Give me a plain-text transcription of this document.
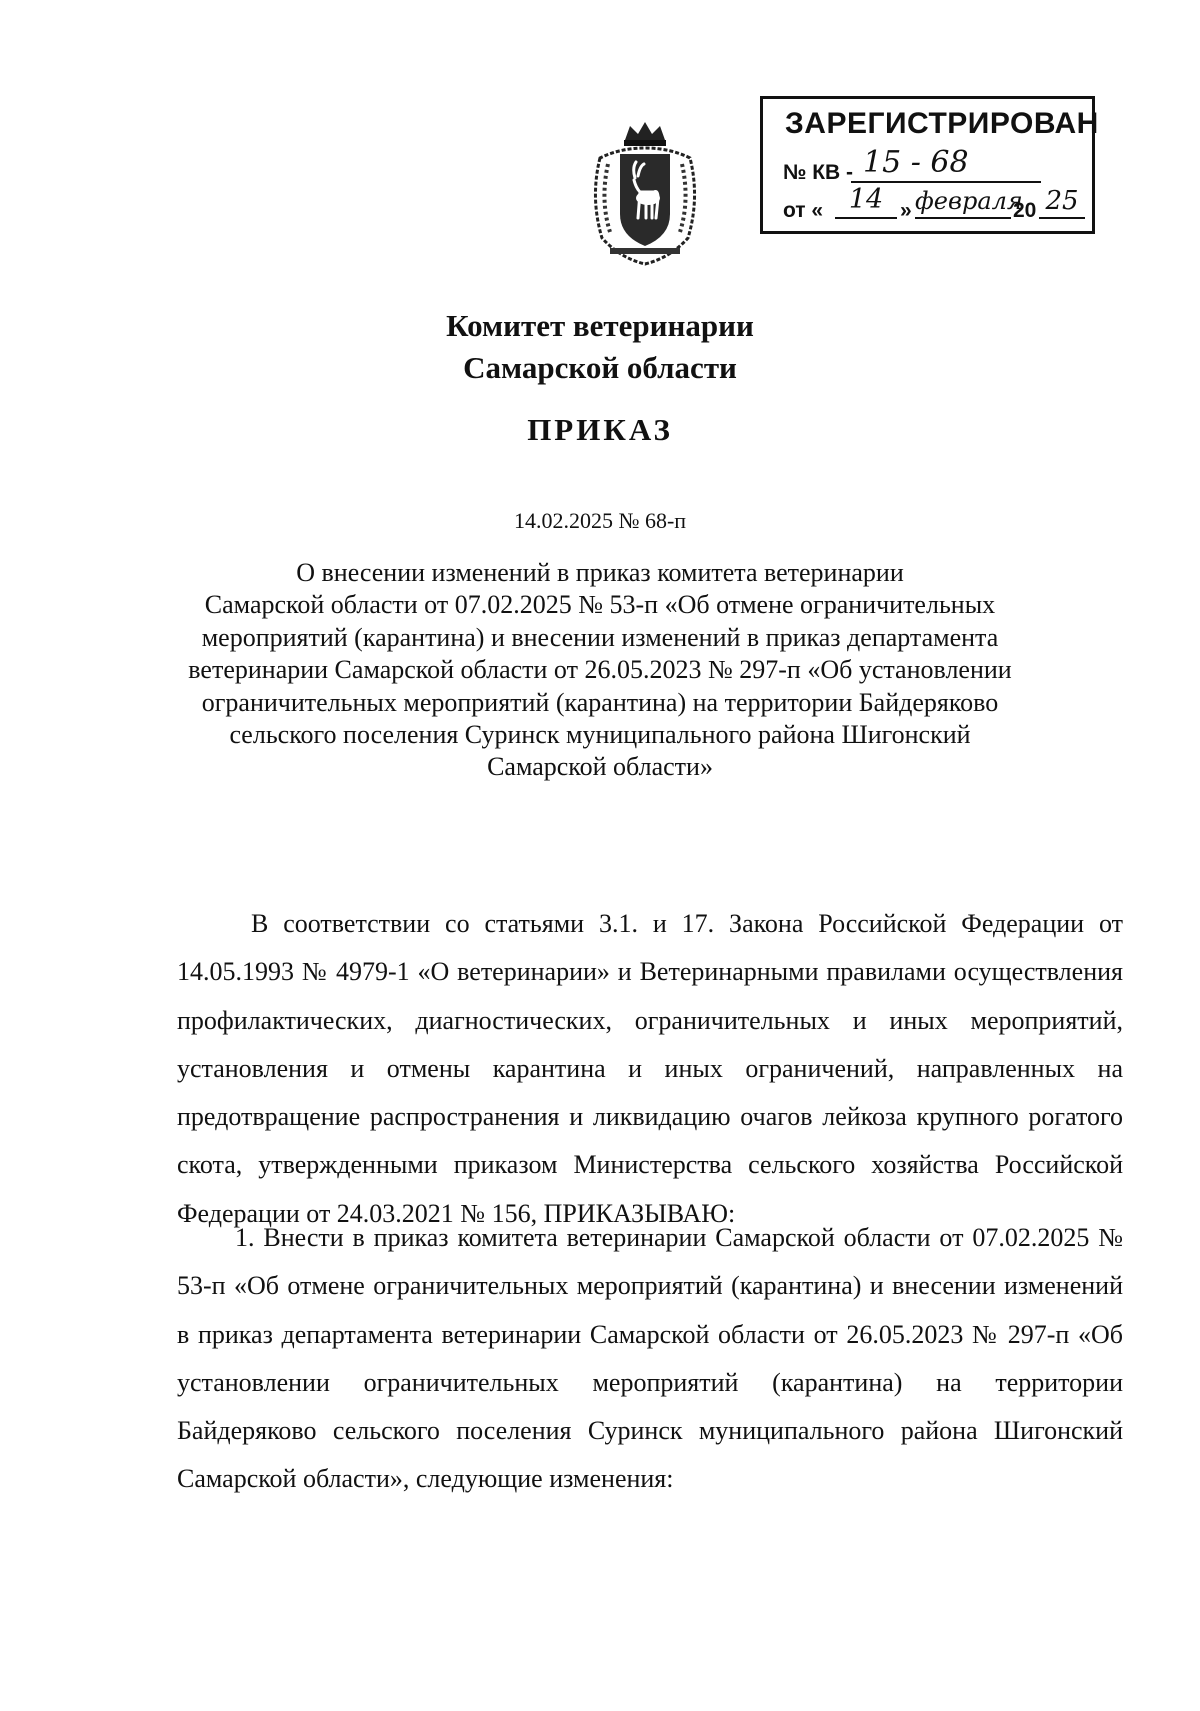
ЗАРЕГИСТРИРОВАН
№ КВ - 15 - 68
от « 14 » февраля
20 25
Комитет ветеринарии
Самарской области
ПРИКАЗ
14.02.2025 № 68-п
О внесении изменений в приказ комитета ветеринарии
Самарской области от 07.02.2025 № 53-п «Об отмене ограничительных
мероприятий (карантина) и внесении изменений в приказ департамента
ветеринарии Самарской области от 26.05.2023 № 297-п «Об установлении
ограничительных мероприятий (карантина) на территории Байдеряково
сельского поселения Суринск муниципального района Шигонский
Самарской области»
В соответствии со статьями 3.1. и 17. Закона Российской Федерации от 14.05.1993 № 4979-1 «О ветеринарии» и Ветеринарными правилами осуществления профилактических, диагностических, ограничительных и иных мероприятий, установления и отмены карантина и иных ограничений, направленных на предотвращение распространения и ликвидацию очагов лейкоза крупного рогатого скота, утвержденными приказом Министерства сельского хозяйства Российской Федерации от 24.03.2021 № 156, ПРИКАЗЫВАЮ:
1. Внести в приказ комитета ветеринарии Самарской области от 07.02.2025 № 53-п «Об отмене ограничительных мероприятий (карантина) и внесении изменений в приказ департамента ветеринарии Самарской области от 26.05.2023 № 297-п «Об установлении ограничительных мероприятий (карантина) на территории Байдеряково сельского поселения Суринск муниципального района Шигонский Самарской области», следующие изменения:
